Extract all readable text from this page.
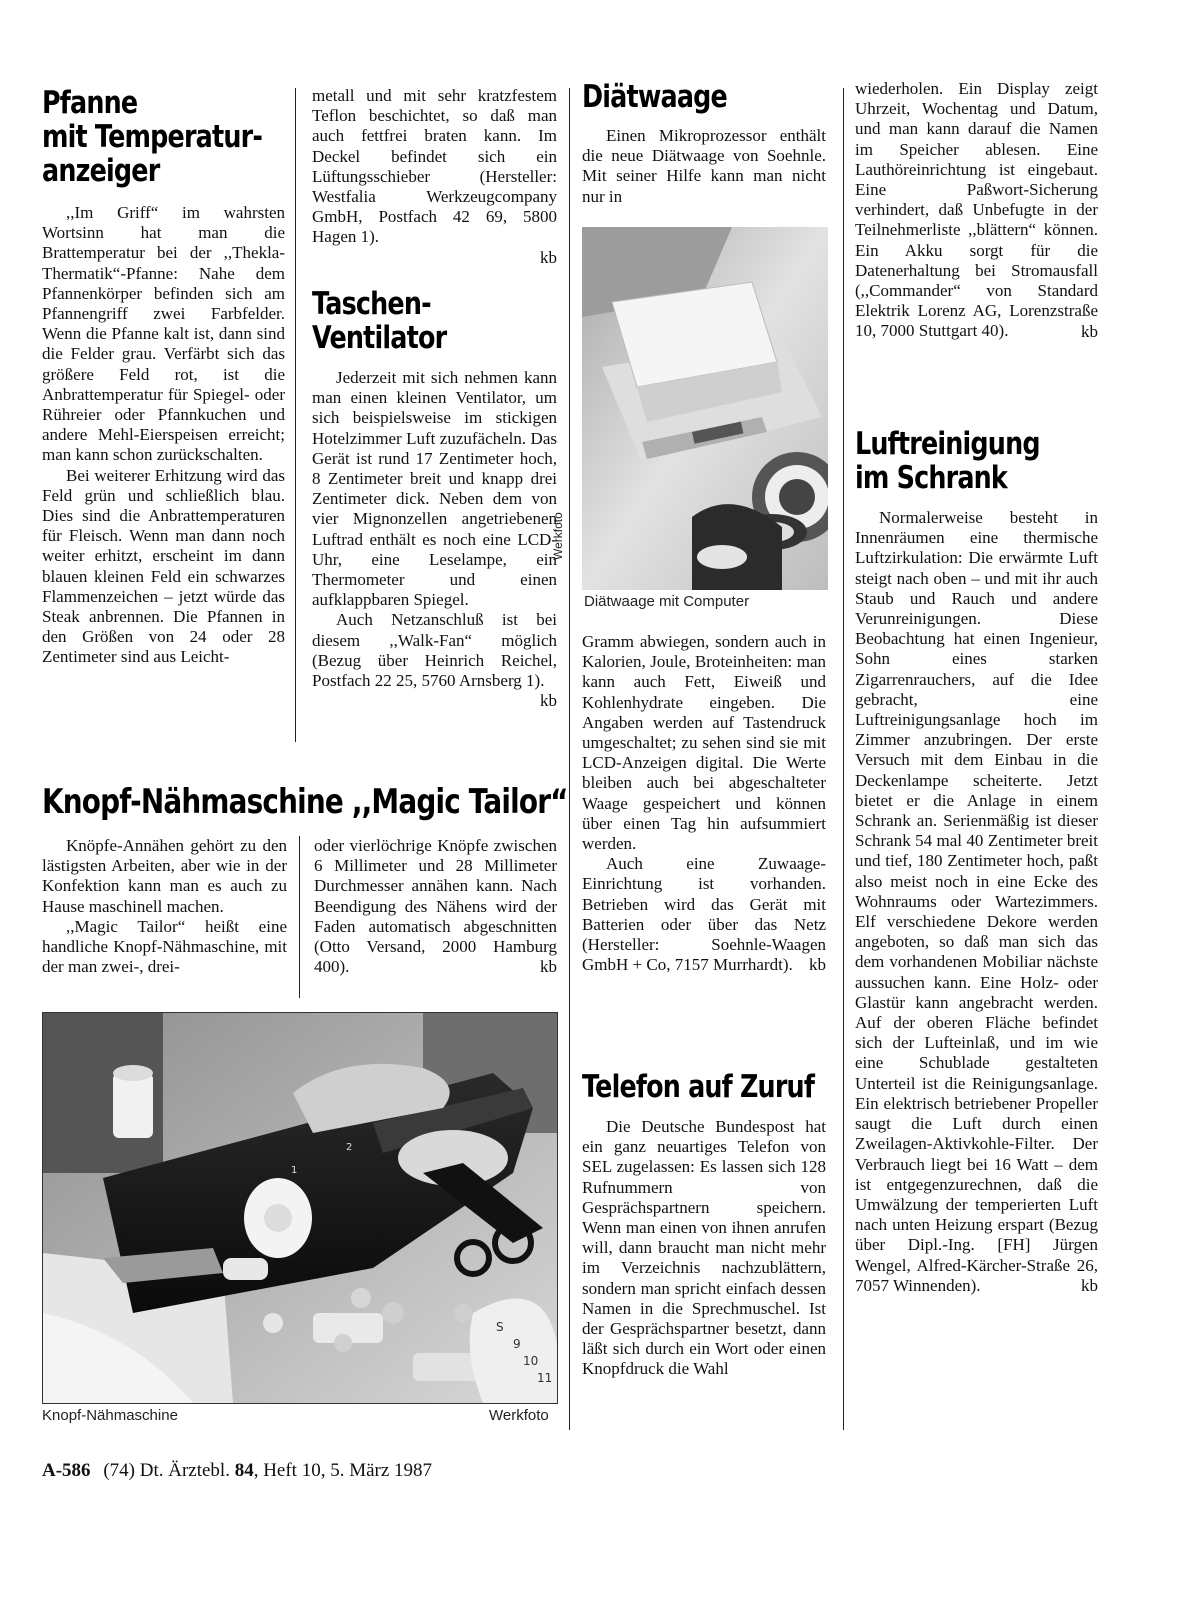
Pfanne
mit Temperatur-
anzeiger

,,Im Griff“ im wahrsten Wortsinn hat man die Brattemperatur bei der ,,Thekla-Thermatik“-Pfanne: Nahe dem Pfannenkörper befinden sich am Pfannengriff zwei Farbfelder. Wenn die Pfanne kalt ist, dann sind die Felder grau. Verfärbt sich das größere Feld rot, ist die Anbrattemperatur für Spiegel- oder Rühreier oder Pfannkuchen und andere Mehl-Eierspeisen erreicht; man kann schon zurückschalten.

Bei weiterer Erhitzung wird das Feld grün und schließlich blau. Dies sind die Anbrattemperaturen für Fleisch. Wenn man dann noch weiter erhitzt, erscheint im dann blauen kleinen Feld ein schwarzes Flammenzeichen – jetzt würde das Steak anbrennen. Die Pfannen in den Größen von 24 oder 28 Zentimeter sind aus Leicht-

metall und mit sehr kratzfestem Teflon beschichtet, so daß man auch fettfrei braten kann. Im Deckel befindet sich ein Lüftungsschieber (Hersteller: Westfalia Werkzeugcompany GmbH, Postfach 42 69, 5800 Hagen 1).

kb

Taschen-
Ventilator

Jederzeit mit sich nehmen kann man einen kleinen Ventilator, um sich beispielsweise im stickigen Hotelzimmer Luft zuzufächeln. Das Gerät ist rund 17 Zentimeter hoch, 8 Zentimeter breit und knapp drei Zentimeter dick. Neben dem von vier Mignonzellen angetriebenen Luftrad enthält es noch eine LCD-Uhr, eine Leselampe, ein Thermometer und einen aufklappbaren Spiegel.

Auch Netzanschluß ist bei diesem ,,Walk-Fan“ möglich (Bezug über Heinrich Reichel, Postfach 22 25, 5760 Arnsberg 1).

kb

Knopf-Nähmaschine ,,Magic Tailor“

Knöpfe-Annähen gehört zu den lästigsten Arbeiten, aber wie in der Konfektion kann man es auch zu Hause maschinell machen.

,,Magic Tailor“ heißt eine handliche Knopf-Nähmaschine, mit der man zwei-, drei-

oder vierlöchrige Knöpfe zwischen 6 Millimeter und 28 Millimeter Durchmesser annähen kann. Nach Beendigung des Nähens wird der Faden automatisch abgeschnitten (Otto Versand, 2000 Hamburg 400).	kb

2
1
S
9
10
11
Knopf-Nähmaschine	Werkfoto
Diätwaage

Einen Mikroprozessor enthält die neue Diätwaage von Soehnle. Mit seiner Hilfe kann man nicht nur in

Werkfoto
Diätwaage mit Computer

Gramm abwiegen, sondern auch in Kalorien, Joule, Broteinheiten: man kann auch Fett, Eiweiß und Kohlenhydrate eingeben. Die Angaben werden auf Tastendruck umgeschaltet; zu sehen sind sie mit LCD-Anzeigen digital. Die Werte bleiben auch bei abgeschalteter Waage gespeichert und können über einen Tag hin aufsummiert werden.

Auch eine Zuwaage-Einrichtung ist vorhanden. Betrieben wird das Gerät mit Batterien oder über das Netz (Hersteller: Soehnle-Waagen GmbH + Co, 7157 Murrhardt). kb

Telefon auf Zuruf

Die Deutsche Bundespost hat ein ganz neuartiges Telefon von SEL zugelassen: Es lassen sich 128 Rufnummern von Gesprächspartnern speichern. Wenn man einen von ihnen anrufen will, dann braucht man nicht mehr im Verzeichnis nachzublättern, sondern man spricht einfach dessen Namen in die Sprechmuschel. Ist der Gesprächspartner besetzt, dann läßt sich durch ein Wort oder einen Knopfdruck die Wahl

wiederholen. Ein Display zeigt Uhrzeit, Wochentag und Datum, und man kann darauf die Namen im Speicher ablesen. Eine Lauthöreinrichtung ist eingebaut. Eine Paßwort-Sicherung verhindert, daß Unbefugte in der Teilnehmerliste ,,blättern“ können. Ein Akku sorgt für die Datenerhaltung bei Stromausfall (,,Commander“ von Standard Elektrik Lorenz AG, Lorenzstraße 10, 7000 Stuttgart 40).	kb

Luftreinigung
im Schrank

Normalerweise besteht in Innenräumen eine thermische Luftzirkulation: Die erwärmte Luft steigt nach oben – und mit ihr auch Staub und Rauch und andere Verunreinigungen. Diese Beobachtung hat einen Ingenieur, Sohn eines starken Zigarrenrauchers, auf die Idee gebracht, eine Luftreinigungsanlage hoch im Zimmer anzubringen. Der erste Versuch mit dem Einbau in die Deckenlampe scheiterte. Jetzt bietet er die Anlage in einem Schrank an. Serienmäßig ist dieser Schrank 54 mal 40 Zentimeter breit und tief, 180 Zentimeter hoch, paßt also meist noch in eine Ecke des Wohnraums oder Wartezimmers. Elf verschiedene Dekore werden angeboten, so daß man sich das dem vorhandenen Mobiliar nächste aussuchen kann. Eine Holz- oder Glastür kann angebracht werden. Auf der oberen Fläche befindet sich der Lufteinlaß, und im wie eine Schublade gestalteten Unterteil ist die Reinigungsanlage. Ein elektrisch betriebener Propeller saugt die Luft durch einen Zweilagen-Aktivkohle-Filter. Der Verbrauch liegt bei 16 Watt – dem ist entgegenzurechnen, daß die Umwälzung der temperierten Luft nach unten Heizung erspart (Bezug über Dipl.-Ing. [FH] Jürgen Wengel, Alfred-Kärcher-Straße 26, 7057 Winnenden).	kb

A-586 (74) Dt. Ärztebl. 84, Heft 10, 5. März 1987
